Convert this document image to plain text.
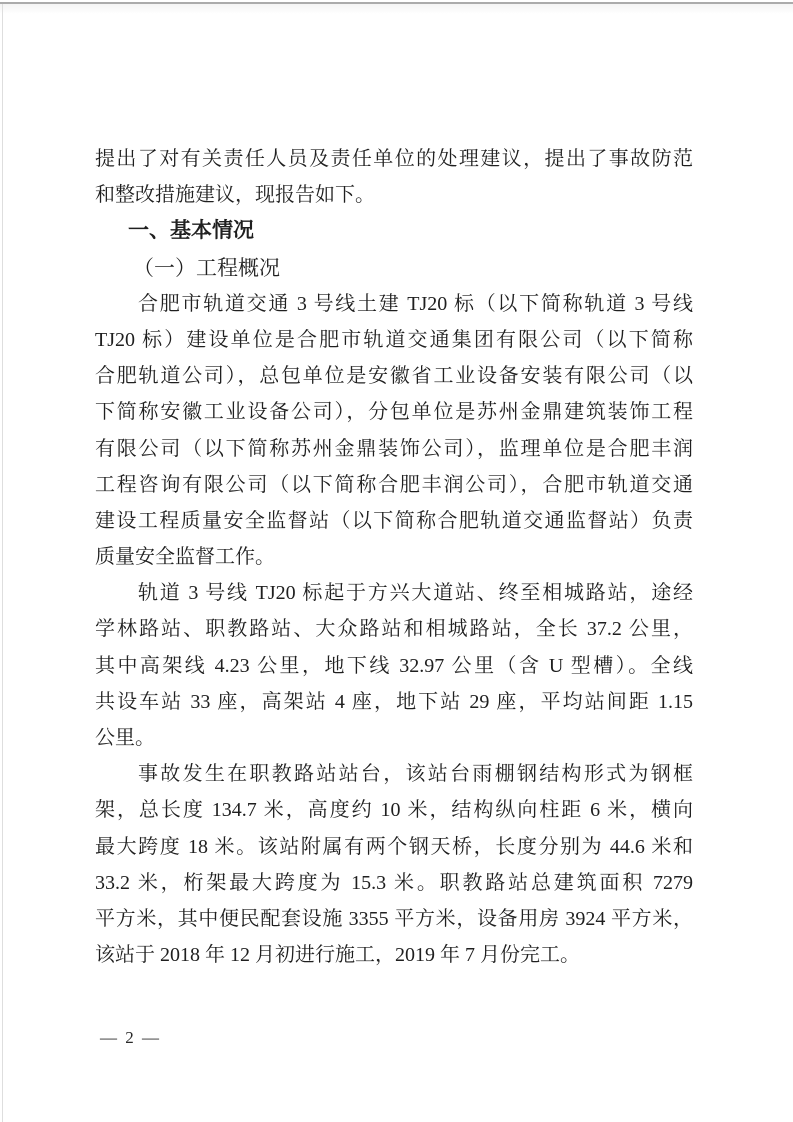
提出了对有关责任人员及责任单位的处理建议，提出了事故防范
和整改措施建议，现报告如下。
一、基本情况
（一）工程概况
合肥市轨道交通 3 号线土建 TJ20 标（以下简称轨道 3 号线
TJ20 标）建设单位是合肥市轨道交通集团有限公司（以下简称
合肥轨道公司），总包单位是安徽省工业设备安装有限公司（以
下简称安徽工业设备公司），分包单位是苏州金鼎建筑装饰工程
有限公司（以下简称苏州金鼎装饰公司），监理单位是合肥丰润
工程咨询有限公司（以下简称合肥丰润公司），合肥市轨道交通
建设工程质量安全监督站（以下简称合肥轨道交通监督站）负责
质量安全监督工作。
轨道 3 号线 TJ20 标起于方兴大道站、终至相城路站，途经
学林路站、职教路站、大众路站和相城路站，全长 37.2 公里，
其中高架线 4.23 公里，地下线 32.97 公里（含 U 型槽）。全线
共设车站 33 座，高架站 4 座，地下站 29 座，平均站间距 1.15
公里。
事故发生在职教路站站台，该站台雨棚钢结构形式为钢框
架，总长度 134.7 米，高度约 10 米，结构纵向柱距 6 米，横向
最大跨度 18 米。该站附属有两个钢天桥，长度分别为 44.6 米和
33.2 米，桁架最大跨度为 15.3 米。职教路站总建筑面积 7279
平方米，其中便民配套设施 3355 平方米，设备用房 3924 平方米，
该站于 2018 年 12 月初进行施工，2019 年 7 月份完工。
— 2 —
